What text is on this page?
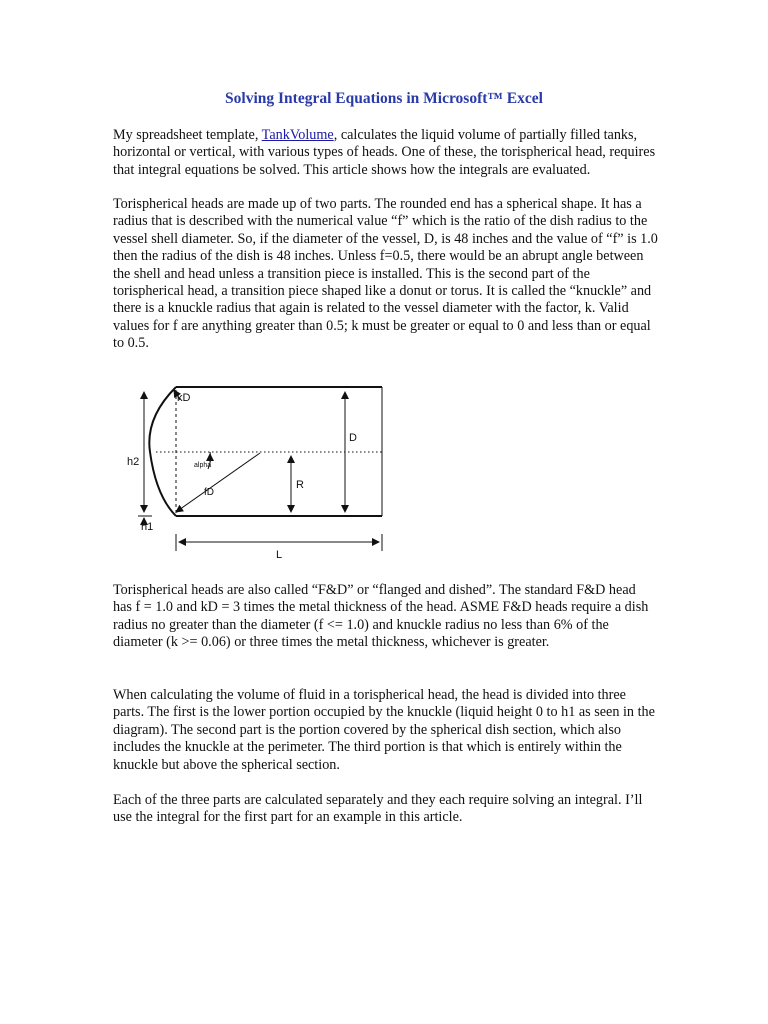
Solving Integral Equations in Microsoft™ Excel

My spreadsheet template, TankVolume, calculates the liquid volume of partially filled tanks, horizontal or vertical, with various types of heads. One of these, the torispherical head, requires that integral equations be solved. This article shows how the integrals are evaluated.

Torispherical heads are made up of two parts. The rounded end has a spherical shape. It has a radius that is described with the numerical value “f” which is the ratio of the dish radius to the vessel shell diameter. So, if the diameter of the vessel, D, is 48 inches and the value of “f” is 1.0 then the radius of the dish is 48 inches. Unless f=0.5, there would be an abrupt angle between the shell and head unless a transition piece is installed. This is the second part of the torispherical head, a transition piece shaped like a donut or torus. It is called the “knuckle” and there is a knuckle radius that again is related to the vessel diameter with the factor, k. Valid values for f are anything greater than 0.5; k must be greater or equal to 0 and less than or equal to 0.5.

kD
D
h2
fD
alpha
R
h1
L

Torispherical heads are also called “F&D” or “flanged and dished”. The standard F&D head has f = 1.0 and kD = 3 times the metal thickness of the head. ASME F&D heads require a dish radius no greater than the diameter (f <= 1.0) and knuckle radius no less than 6% of the diameter (k >= 0.06) or three times the metal thickness, whichever is greater.

When calculating the volume of fluid in a torispherical head, the head is divided into three parts. The first is the lower portion occupied by the knuckle (liquid height 0 to h1 as seen in the diagram). The second part is the portion covered by the spherical dish section, which also includes the knuckle at the perimeter. The third portion is that which is entirely within the knuckle but above the spherical section.

Each of the three parts are calculated separately and they each require solving an integral. I’ll use the integral for the first part for an example in this article.
